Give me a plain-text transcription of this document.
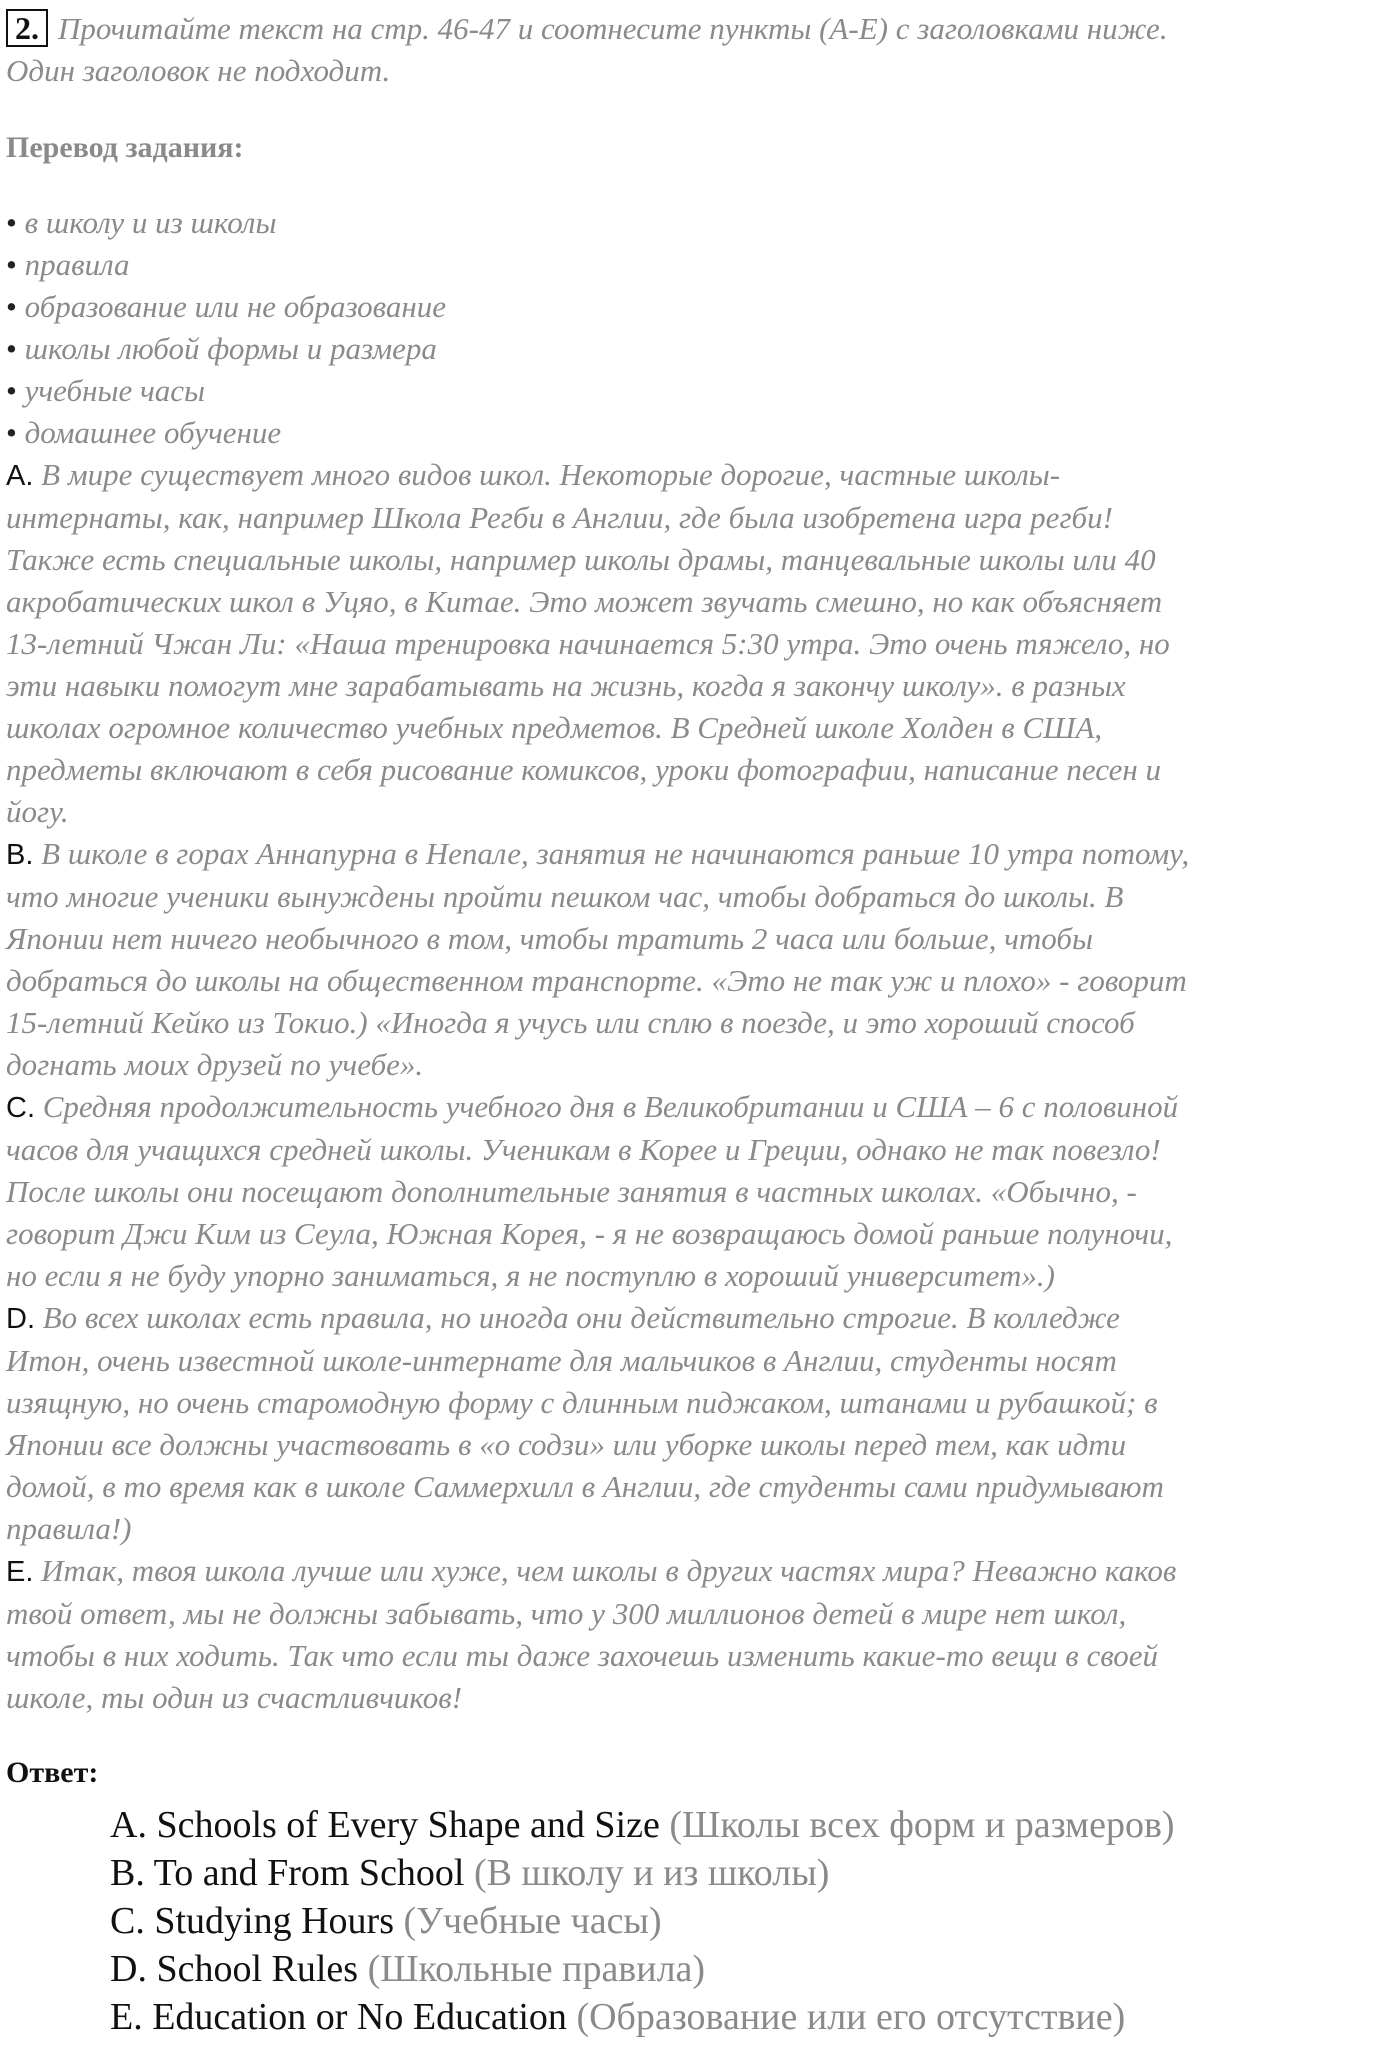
2. Прочитайте текст на стр. 46-47 и соотнесите пункты (A-E) с заголовками ниже.
Один заголовок не подходит.
Перевод задания:
• в школу и из школы
• правила
• образование или не образование
• школы любой формы и размера
• учебные часы
• домашнее обучение
A. В мире существует много видов школ. Некоторые дорогие, частные школы-
интернаты, как, например Школа Регби в Англии, где была изобретена игра регби!
Также есть специальные школы, например школы драмы, танцевальные школы или 40
акробатических школ в Уцяо, в Китае. Это может звучать смешно, но как объясняет
13-летний Чжан Ли: «Наша тренировка начинается 5:30 утра. Это очень тяжело, но
эти навыки помогут мне зарабатывать на жизнь, когда я закончу школу». в разных
школах огромное количество учебных предметов. В Средней школе Холден в США,
предметы включают в себя рисование комиксов, уроки фотографии, написание песен и
йогу.
B. В школе в горах Аннапурна в Непале, занятия не начинаются раньше 10 утра потому,
что многие ученики вынуждены пройти пешком час, чтобы добраться до школы. В
Японии нет ничего необычного в том, чтобы тратить 2 часа или больше, чтобы
добраться до школы на общественном транспорте. «Это не так уж и плохо» - говорит
15-летний Кейко из Токио.) «Иногда я учусь или сплю в поезде, и это хороший способ
догнать моих друзей по учебе».
C. Средняя продолжительность учебного дня в Великобритании и США – 6 с половиной
часов для учащихся средней школы. Ученикам в Корее и Греции, однако не так повезло!
После школы они посещают дополнительные занятия в частных школах. «Обычно, -
говорит Джи Ким из Сеула, Южная Корея, - я не возвращаюсь домой раньше полуночи,
но если я не буду упорно заниматься, я не поступлю в хороший университет».)
D. Во всех школах есть правила, но иногда они действительно строгие. В колледже
Итон, очень известной школе-интернате для мальчиков в Англии, студенты носят
изящную, но очень старомодную форму с длинным пиджаком, штанами и рубашкой; в
Японии все должны участвовать в «о содзи» или уборке школы перед тем, как идти
домой, в то время как в школе Саммерхилл в Англии, где студенты сами придумывают
правила!)
E. Итак, твоя школа лучше или хуже, чем школы в других частях мира? Неважно каков
твой ответ, мы не должны забывать, что у 300 миллионов детей в мире нет школ,
чтобы в них ходить. Так что если ты даже захочешь изменить какие-то вещи в своей
школе, ты один из счастливчиков!
Ответ:
A. Schools of Every Shape and Size (Школы всех форм и размеров)
B. To and From School (В школу и из школы)
C. Studying Hours (Учебные часы)
D. School Rules (Школьные правила)
E. Education or No Education (Образование или его отсутствие)
